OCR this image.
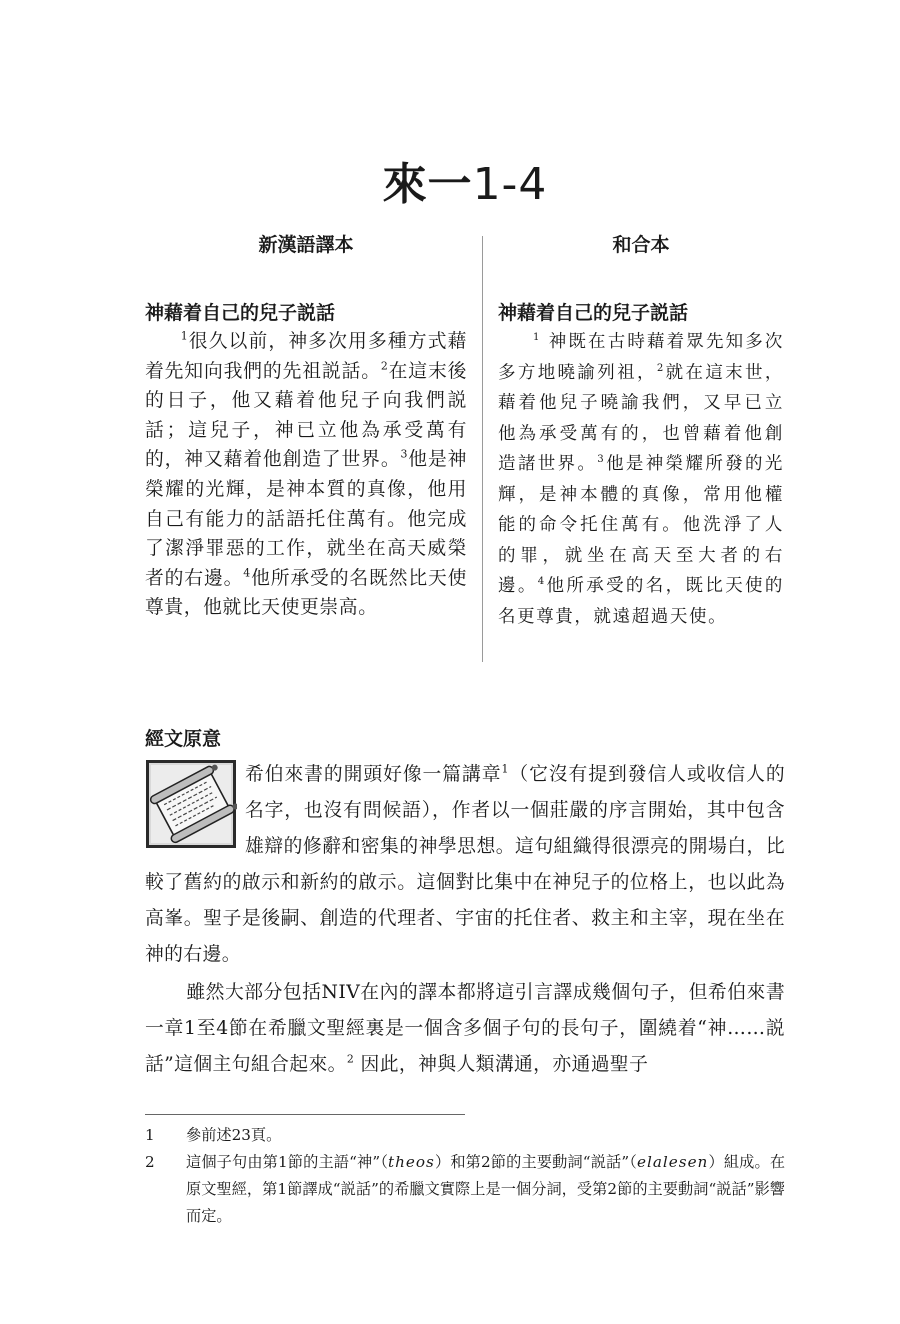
來一1-4
新漢語譯本
神藉着自己的兒子説話

$^1$很久以前，神多次用多種方式藉着先知向我們的先祖説話。$^2$在這末後的日子，他又藉着他兒子向我們説話；這兒子，神已立他為承受萬有的，神又藉着他創造了世界。$^3$他是神榮耀的光輝，是神本質的真像，他用自己有能力的話語托住萬有。他完成了潔淨罪惡的工作，就坐在高天威榮者的右邊。$^4$他所承受的名既然比天使尊貴，他就比天使更崇高。

和合本
神藉着自己的兒子説話

$^1$ 神既在古時藉着眾先知多次多方地曉諭列祖，$^2$就在這末世，藉着他兒子曉諭我們，又早已立他為承受萬有的，也曾藉着他創造諸世界。$^3$他是神榮耀所發的光輝，是神本體的真像，常用他權能的命令托住萬有。他洗淨了人的罪，就坐在高天至大者的右邊。$^4$他所承受的名，既比天使的名更尊貴，就遠超過天使。

經文原意

希伯來書的開頭好像一篇講章$^1$（它沒有提到發信人或收信人的名字，也沒有問候語），作者以一個莊嚴的序言開始，其中包含雄辯的修辭和密集的神學思想。這句組織得很漂亮的開場白，比較了舊約的啟示和新約的啟示。這個對比集中在神兒子的位格上，也以此為高峯。聖子是後嗣、創造的代理者、宇宙的托住者、救主和主宰，現在坐在神的右邊。

雖然大部分包括NIV在內的譯本都將這引言譯成幾個句子，但希伯來書一章1至4節在希臘文聖經裏是一個含多個子句的長句子，圍繞着“神……説話”這個主句組合起來。$^2$ 因此，神與人類溝通，亦通過聖子

1 參前述23頁。

2 這個子句由第1節的主語“神”（theos）和第2節的主要動詞“説話”（elalesen）組成。在原文聖經，第1節譯成“説話”的希臘文實際上是一個分詞，受第2節的主要動詞“説話”影響而定。
